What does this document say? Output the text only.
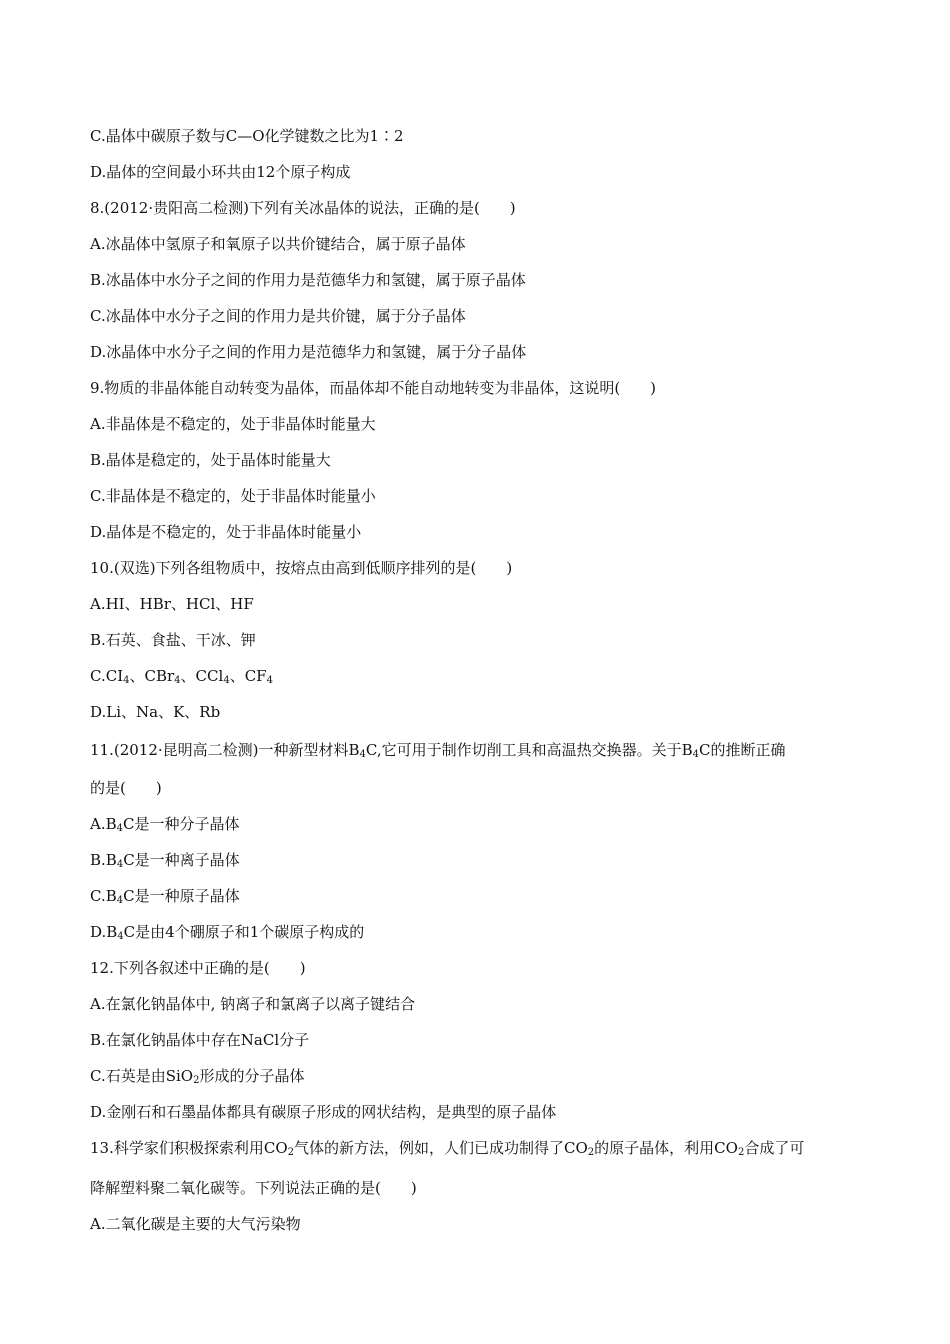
C.晶体中碳原子数与C—O化学键数之比为1∶2
D.晶体的空间最小环共由12个原子构成
8.(2012·贵阳高二检测)下列有关冰晶体的说法，正确的是(　　)
A.冰晶体中氢原子和氧原子以共价键结合，属于原子晶体
B.冰晶体中水分子之间的作用力是范德华力和氢键，属于原子晶体
C.冰晶体中水分子之间的作用力是共价键，属于分子晶体
D.冰晶体中水分子之间的作用力是范德华力和氢键，属于分子晶体
9.物质的非晶体能自动转变为晶体，而晶体却不能自动地转变为非晶体，这说明(　　)
A.非晶体是不稳定的，处于非晶体时能量大
B.晶体是稳定的，处于晶体时能量大
C.非晶体是不稳定的，处于非晶体时能量小
D.晶体是不稳定的，处于非晶体时能量小
10.(双选)下列各组物质中，按熔点由高到低顺序排列的是(　　)
A.HI、HBr、HCl、HF
B.石英、食盐、干冰、钾
$C.CI_4$、CBr$_4$、CCl$_4$、$CF_4$
D.Li、Na、K、Rb
11.(2012·昆明高二检测)一种新型材料$B_4C$,它可用于制作切削工具和高温热交换器。关于$B_4C$的推断正确
的是(　　)
$A.B_4C$是一种分子晶体
$B.B_4C$是一种离子晶体
$C.B_4C$是一种原子晶体
$D.B_4C$是由4个硼原子和1个碳原子构成的
12.下列各叙述中正确的是(　　)
A.在氯化钠晶体中, 钠离子和氯离子以离子键结合
B.在氯化钠晶体中存在NaCl分子
C.石英是由SiO$_2$形成的分子晶体
D.金刚石和石墨晶体都具有碳原子形成的网状结构，是典型的原子晶体
13.科学家们积极探索利用$CO_2$气体的新方法，例如，人们已成功制得了$CO_2$的原子晶体，利用$CO_2$合成了可
降解塑料聚二氧化碳等。下列说法正确的是(　　)
A.二氧化碳是主要的大气污染物
